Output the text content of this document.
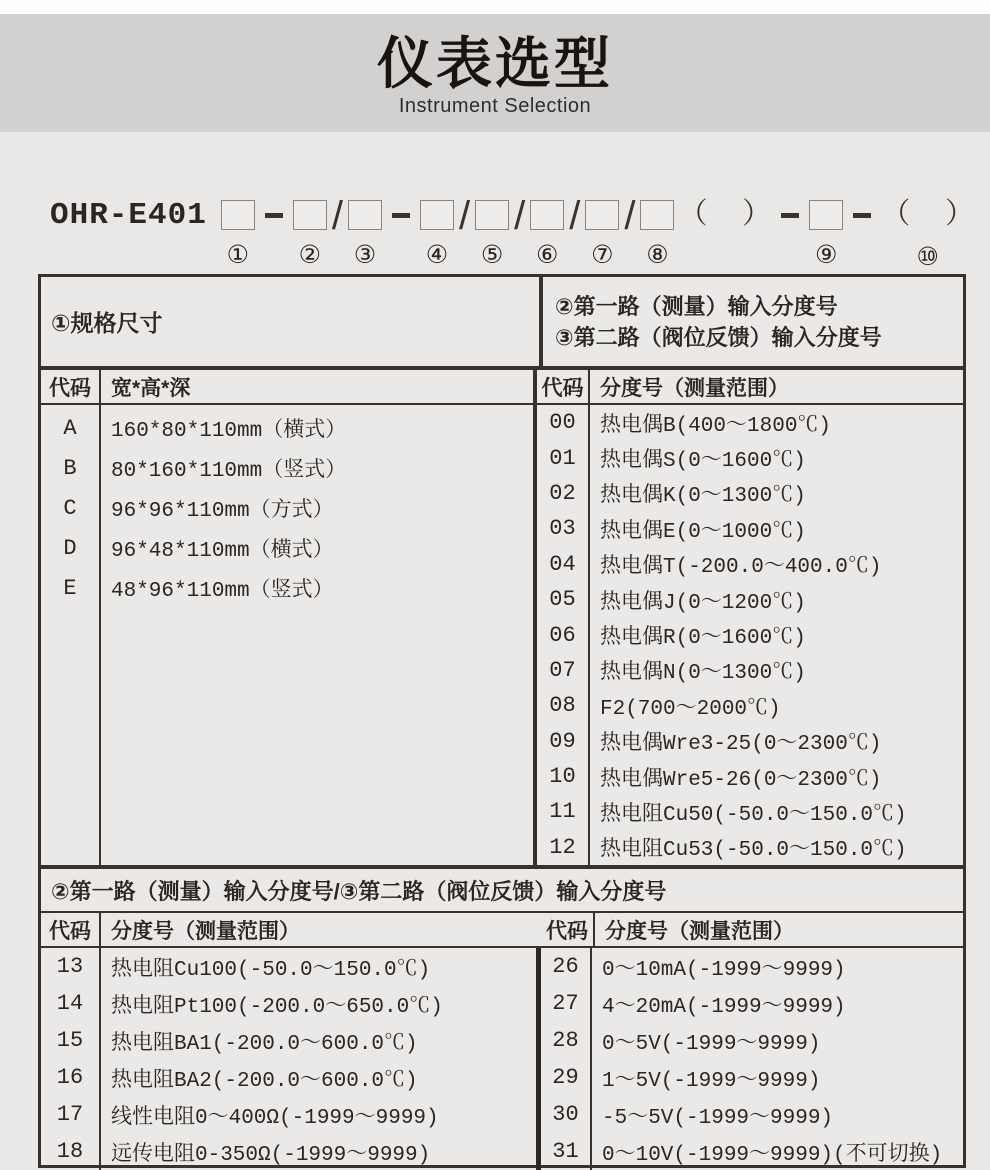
仪表选型
Instrument Selection
OHR-E401
① ②
/
③ ④
/
⑤
/
⑥
/
⑦
/
⑧
（  ）
⑨
（  ）
⑩
①规格尺寸
②第一路（测量）输入分度号
③第二路（阀位反馈）输入分度号
代码 宽*高*深	代码 分度号（测量范围）
A
B
C
D
E
160*80*110mm（横式）
80*160*110mm（竖式）
96*96*110mm（方式）
96*48*110mm（横式）
48*96*110mm（竖式）
00
01
02
03
04
05
06
07
08
09
10
11
12
热电偶B(400～1800℃)
热电偶S(0～1600℃)
热电偶K(0～1300℃)
热电偶E(0～1000℃)
热电偶T(-200.0～400.0℃)
热电偶J(0～1200℃)
热电偶R(0～1600℃)
热电偶N(0～1300℃)
F2(700～2000℃)
热电偶Wre3-25(0～2300℃)
热电偶Wre5-26(0～2300℃)
热电阻Cu50(-50.0～150.0℃)
热电阻Cu53(-50.0～150.0℃)
②第一路（测量）输入分度号/③第二路（阀位反馈）输入分度号
代码 分度号（测量范围）	代码 分度号（测量范围）
13
14
15
16
17
18
热电阻Cu100(-50.0～150.0℃)
热电阻Pt100(-200.0～650.0℃)
热电阻BA1(-200.0～600.0℃)
热电阻BA2(-200.0～600.0℃)
线性电阻0～400Ω(-1999～9999)
远传电阻0-350Ω(-1999～9999)
26
27
28
29
30
31
0～10mA(-1999～9999)
4～20mA(-1999～9999)
0～5V(-1999～9999)
1～5V(-1999～9999)
-5～5V(-1999～9999)
0～10V(-1999～9999)(不可切换)
